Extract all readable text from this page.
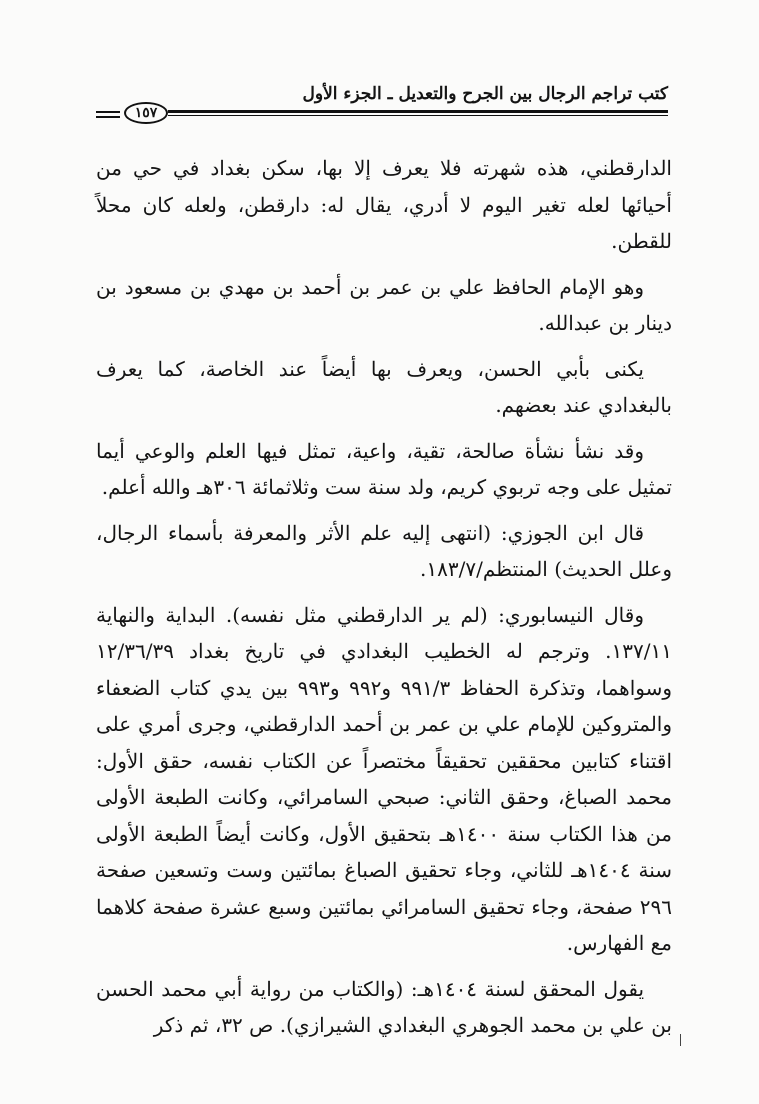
كتب تراجم الرجال بين الجرح والتعديل ـ الجزء الأول
١٥٧

الدارقطني، هذه شهرته فلا يعرف إلا بها، سكن بغداد في حي من أحيائها لعله تغير اليوم لا أدري، يقال له: دارقطن، ولعله كان محلاً للقطن.

وهو الإمام الحافظ علي بن عمر بن أحمد بن مهدي بن مسعود بن دينار بن عبدالله.

يكنى بأبي الحسن، ويعرف بها أيضاً عند الخاصة، كما يعرف بالبغدادي عند بعضهم.

وقد نشأ نشأة صالحة، تقية، واعية، تمثل فيها العلم والوعي أيما تمثيل على وجه تربوي كريم، ولد سنة ست وثلاثمائة ٣٠٦هـ والله أعلم.

قال ابن الجوزي: (انتهى إليه علم الأثر والمعرفة بأسماء الرجال، وعلل الحديث) المنتظم/١٨٣/٧.

وقال النيسابوري: (لم ير الدارقطني مثل نفسه). البداية والنهاية ١٣٧/١١. وترجم له الخطيب البغدادي في تاريخ بغداد ١٢/٣٦/٣٩ وسواهما، وتذكرة الحفاظ ٩٩١/٣ و٩٩٢ و٩٩٣ بين يدي كتاب الضعفاء والمتروكين للإمام علي بن عمر بن أحمد الدارقطني، وجرى أمري على اقتناء كتابين محققين تحقيقاً مختصراً عن الكتاب نفسه، حقق الأول: محمد الصباغ، وحقق الثاني: صبحي السامرائي، وكانت الطبعة الأولى من هذا الكتاب سنة ١٤٠٠هـ بتحقيق الأول، وكانت أيضاً الطبعة الأولى سنة ١٤٠٤هـ للثاني، وجاء تحقيق الصباغ بمائتين وست وتسعين صفحة ٢٩٦ صفحة، وجاء تحقيق السامرائي بمائتين وسبع عشرة صفحة كلاهما مع الفهارس.

يقول المحقق لسنة ١٤٠٤هـ: (والكتاب من رواية أبي محمد الحسن بن علي بن محمد الجوهري البغدادي الشيرازي). ص ٣٢، ثم ذكر
